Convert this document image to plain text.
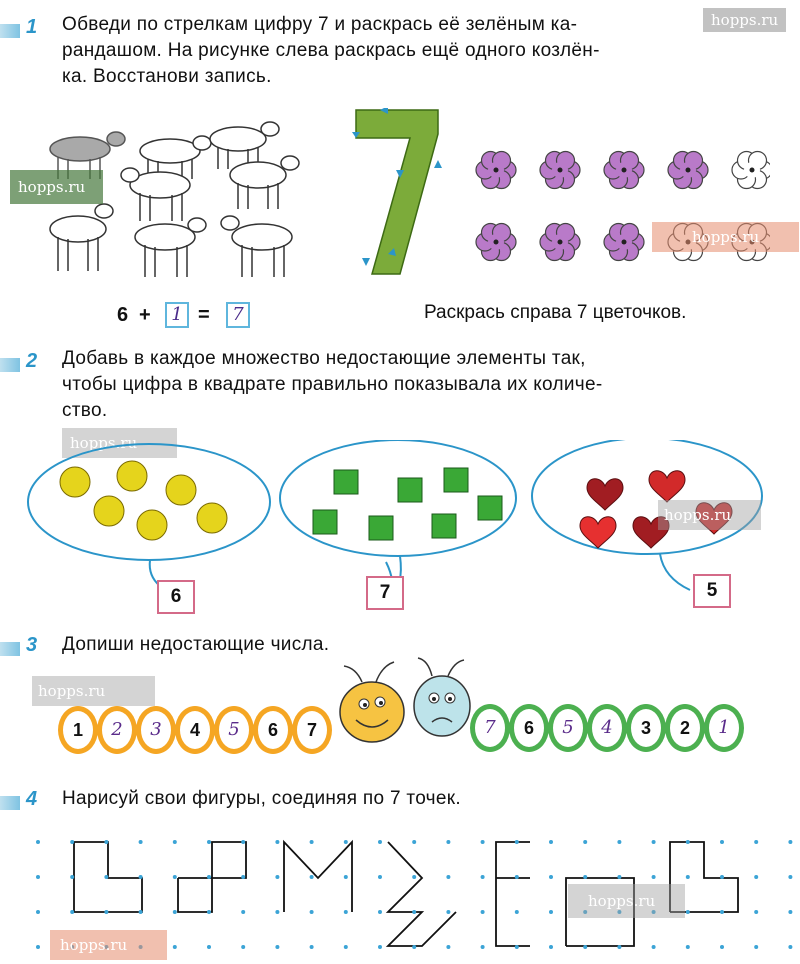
1 Обведи по стрелкам цифру 7 и раскрась её зелёным ка-
рандашом. На рисунке слева раскрась ещё одного козлён-
ка. Восстанови запись.
hopps.ru
hopps.ru
hopps.ru
6 +	1 =	7	Раскрась справа 7 цветочков.
2 Добавь в каждое множество недостающие элементы так,
чтобы цифра в квадрате правильно показывала их количе-
ство.
hopps.ru
hopps.ru
6	7	5
3 Допиши недостающие числа.
hopps.ru
1	2	3	4	5	6	7	7	6	5	4	3	2	1
4 Нарисуй свои фигуры, соединяя по 7 точек.
hopps.ru
hopps.ru
